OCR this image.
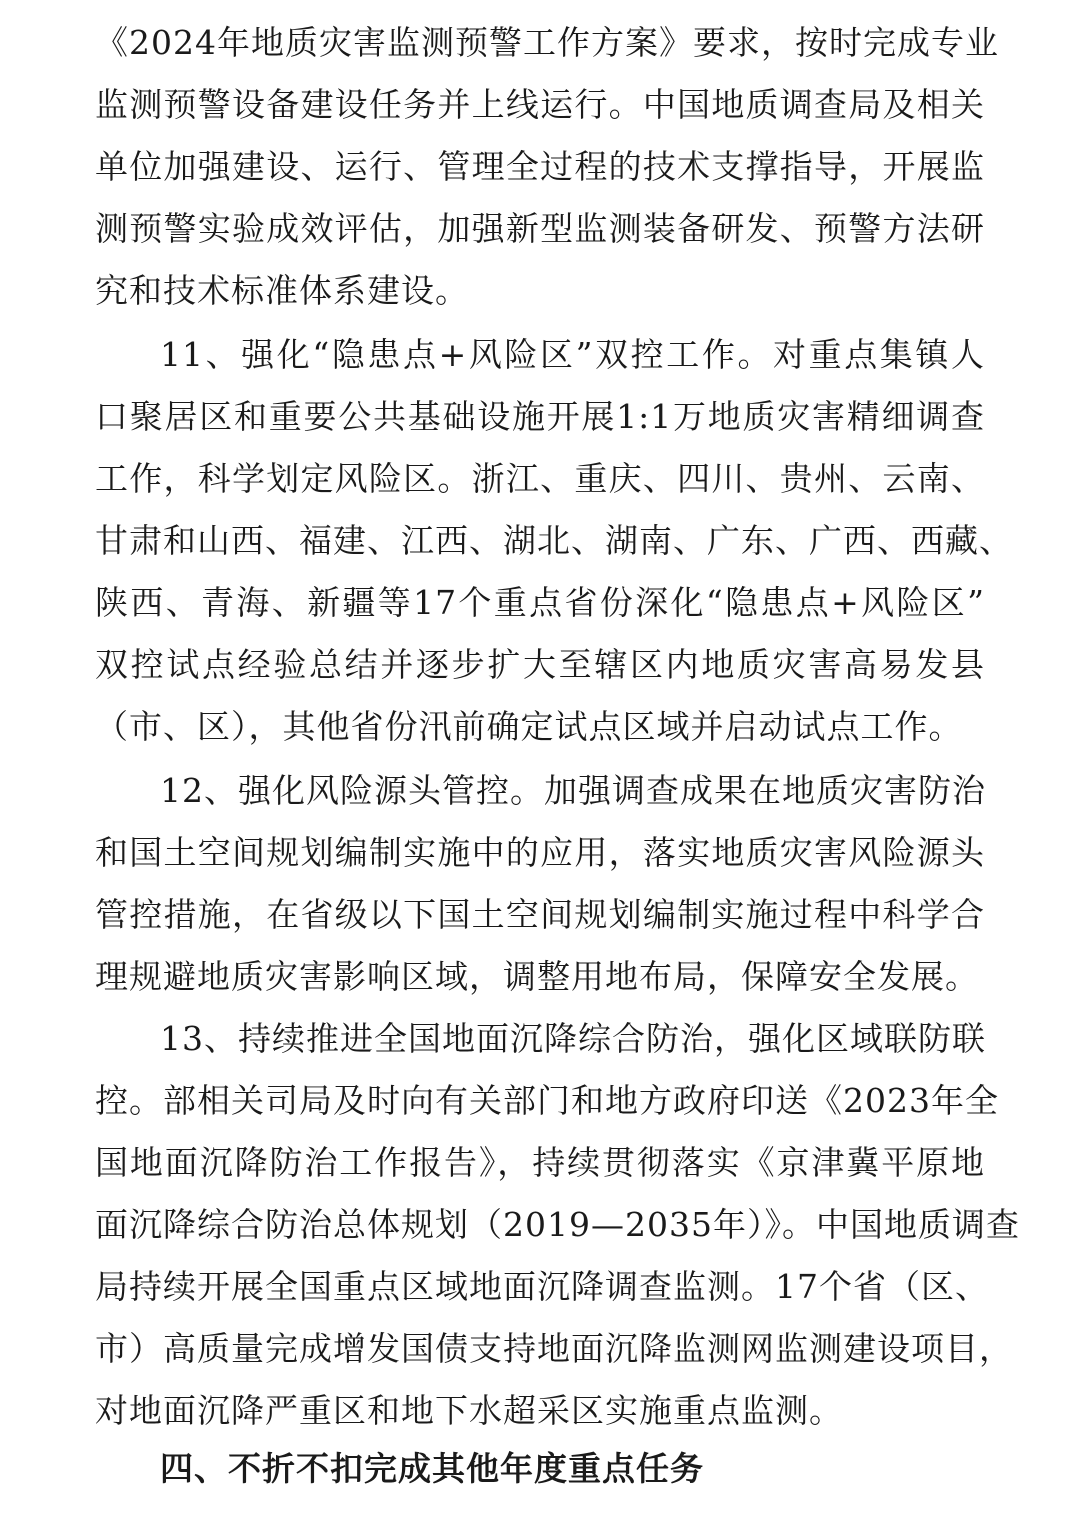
《2024年地质灾害监测预警工作方案》要求，按时完成专业
监测预警设备建设任务并上线运行。中国地质调查局及相关
单位加强建设、运行、管理全过程的技术支撑指导，开展监
测预警实验成效评估，加强新型监测装备研发、预警方法研
究和技术标准体系建设。
11、强化“隐患点+风险区”双控工作。对重点集镇人
口聚居区和重要公共基础设施开展1:1万地质灾害精细调查
工作，科学划定风险区。浙江、重庆、四川、贵州、云南、
甘肃和山西、福建、江西、湖北、湖南、广东、广西、西藏、
陕西、青海、新疆等17个重点省份深化“隐患点+风险区”
双控试点经验总结并逐步扩大至辖区内地质灾害高易发县
（市、区），其他省份汛前确定试点区域并启动试点工作。
12、强化风险源头管控。加强调查成果在地质灾害防治
和国土空间规划编制实施中的应用，落实地质灾害风险源头
管控措施，在省级以下国土空间规划编制实施过程中科学合
理规避地质灾害影响区域，调整用地布局，保障安全发展。
13、持续推进全国地面沉降综合防治，强化区域联防联
控。部相关司局及时向有关部门和地方政府印送《2023年全
国地面沉降防治工作报告》，持续贯彻落实《京津冀平原地
面沉降综合防治总体规划（2019—2035年）》。中国地质调查
局持续开展全国重点区域地面沉降调查监测。17个省（区、
市）高质量完成增发国债支持地面沉降监测网监测建设项目，
对地面沉降严重区和地下水超采区实施重点监测。
四、不折不扣完成其他年度重点任务
